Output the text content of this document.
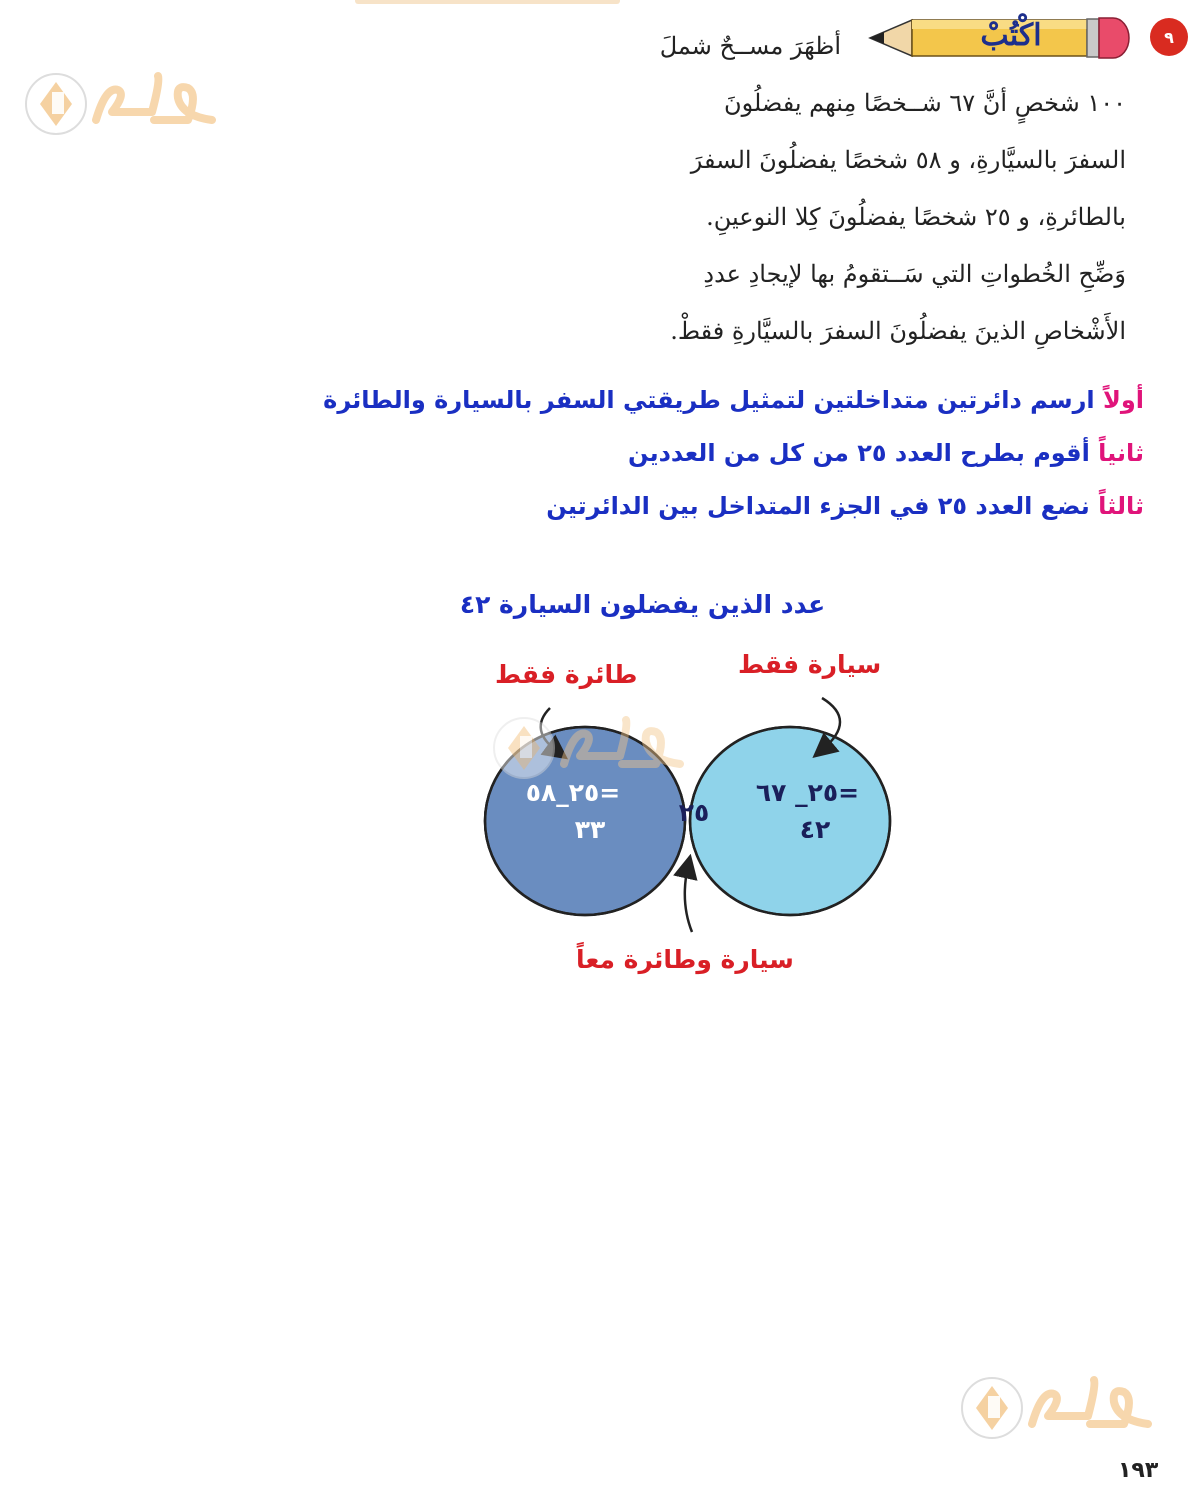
٩
اكْتُبْ
أظهَرَ مســحٌ شملَ
١٠٠ شخصٍ أنَّ ٦٧ شــخصًا مِنهم يفضلُونَ
السفرَ بالسيَّارةِ، و ٥٨ شخصًا يفضلُونَ السفرَ
بالطائرةِ، و ٢٥ شخصًا يفضلُونَ كِلا النوعينِ.
وَضِّحِ الخُطواتِ التي سَــتقومُ بها لإيجادِ عددِ
الأَشْخاصِ الذينَ يفضلُونَ السفرَ بالسيَّارةِ فقطْ.
أولاً ارسم دائرتين متداخلتين لتمثيل طريقتي السفر بالسيارة والطائرة
ثانياً أقوم بطرح العدد ٢٥ من كل من العددين
ثالثاً نضع العدد ٢٥ في الجزء المتداخل بين الدائرتين
عدد الذين يفضلون السيارة ٤٢
طائرة فقط	سيارة فقط
سيارة وطائرة معاً
=٢٥_٥٨
٣٣
٢٥
=٢٥_ ٦٧
٤٢
١٩٣
